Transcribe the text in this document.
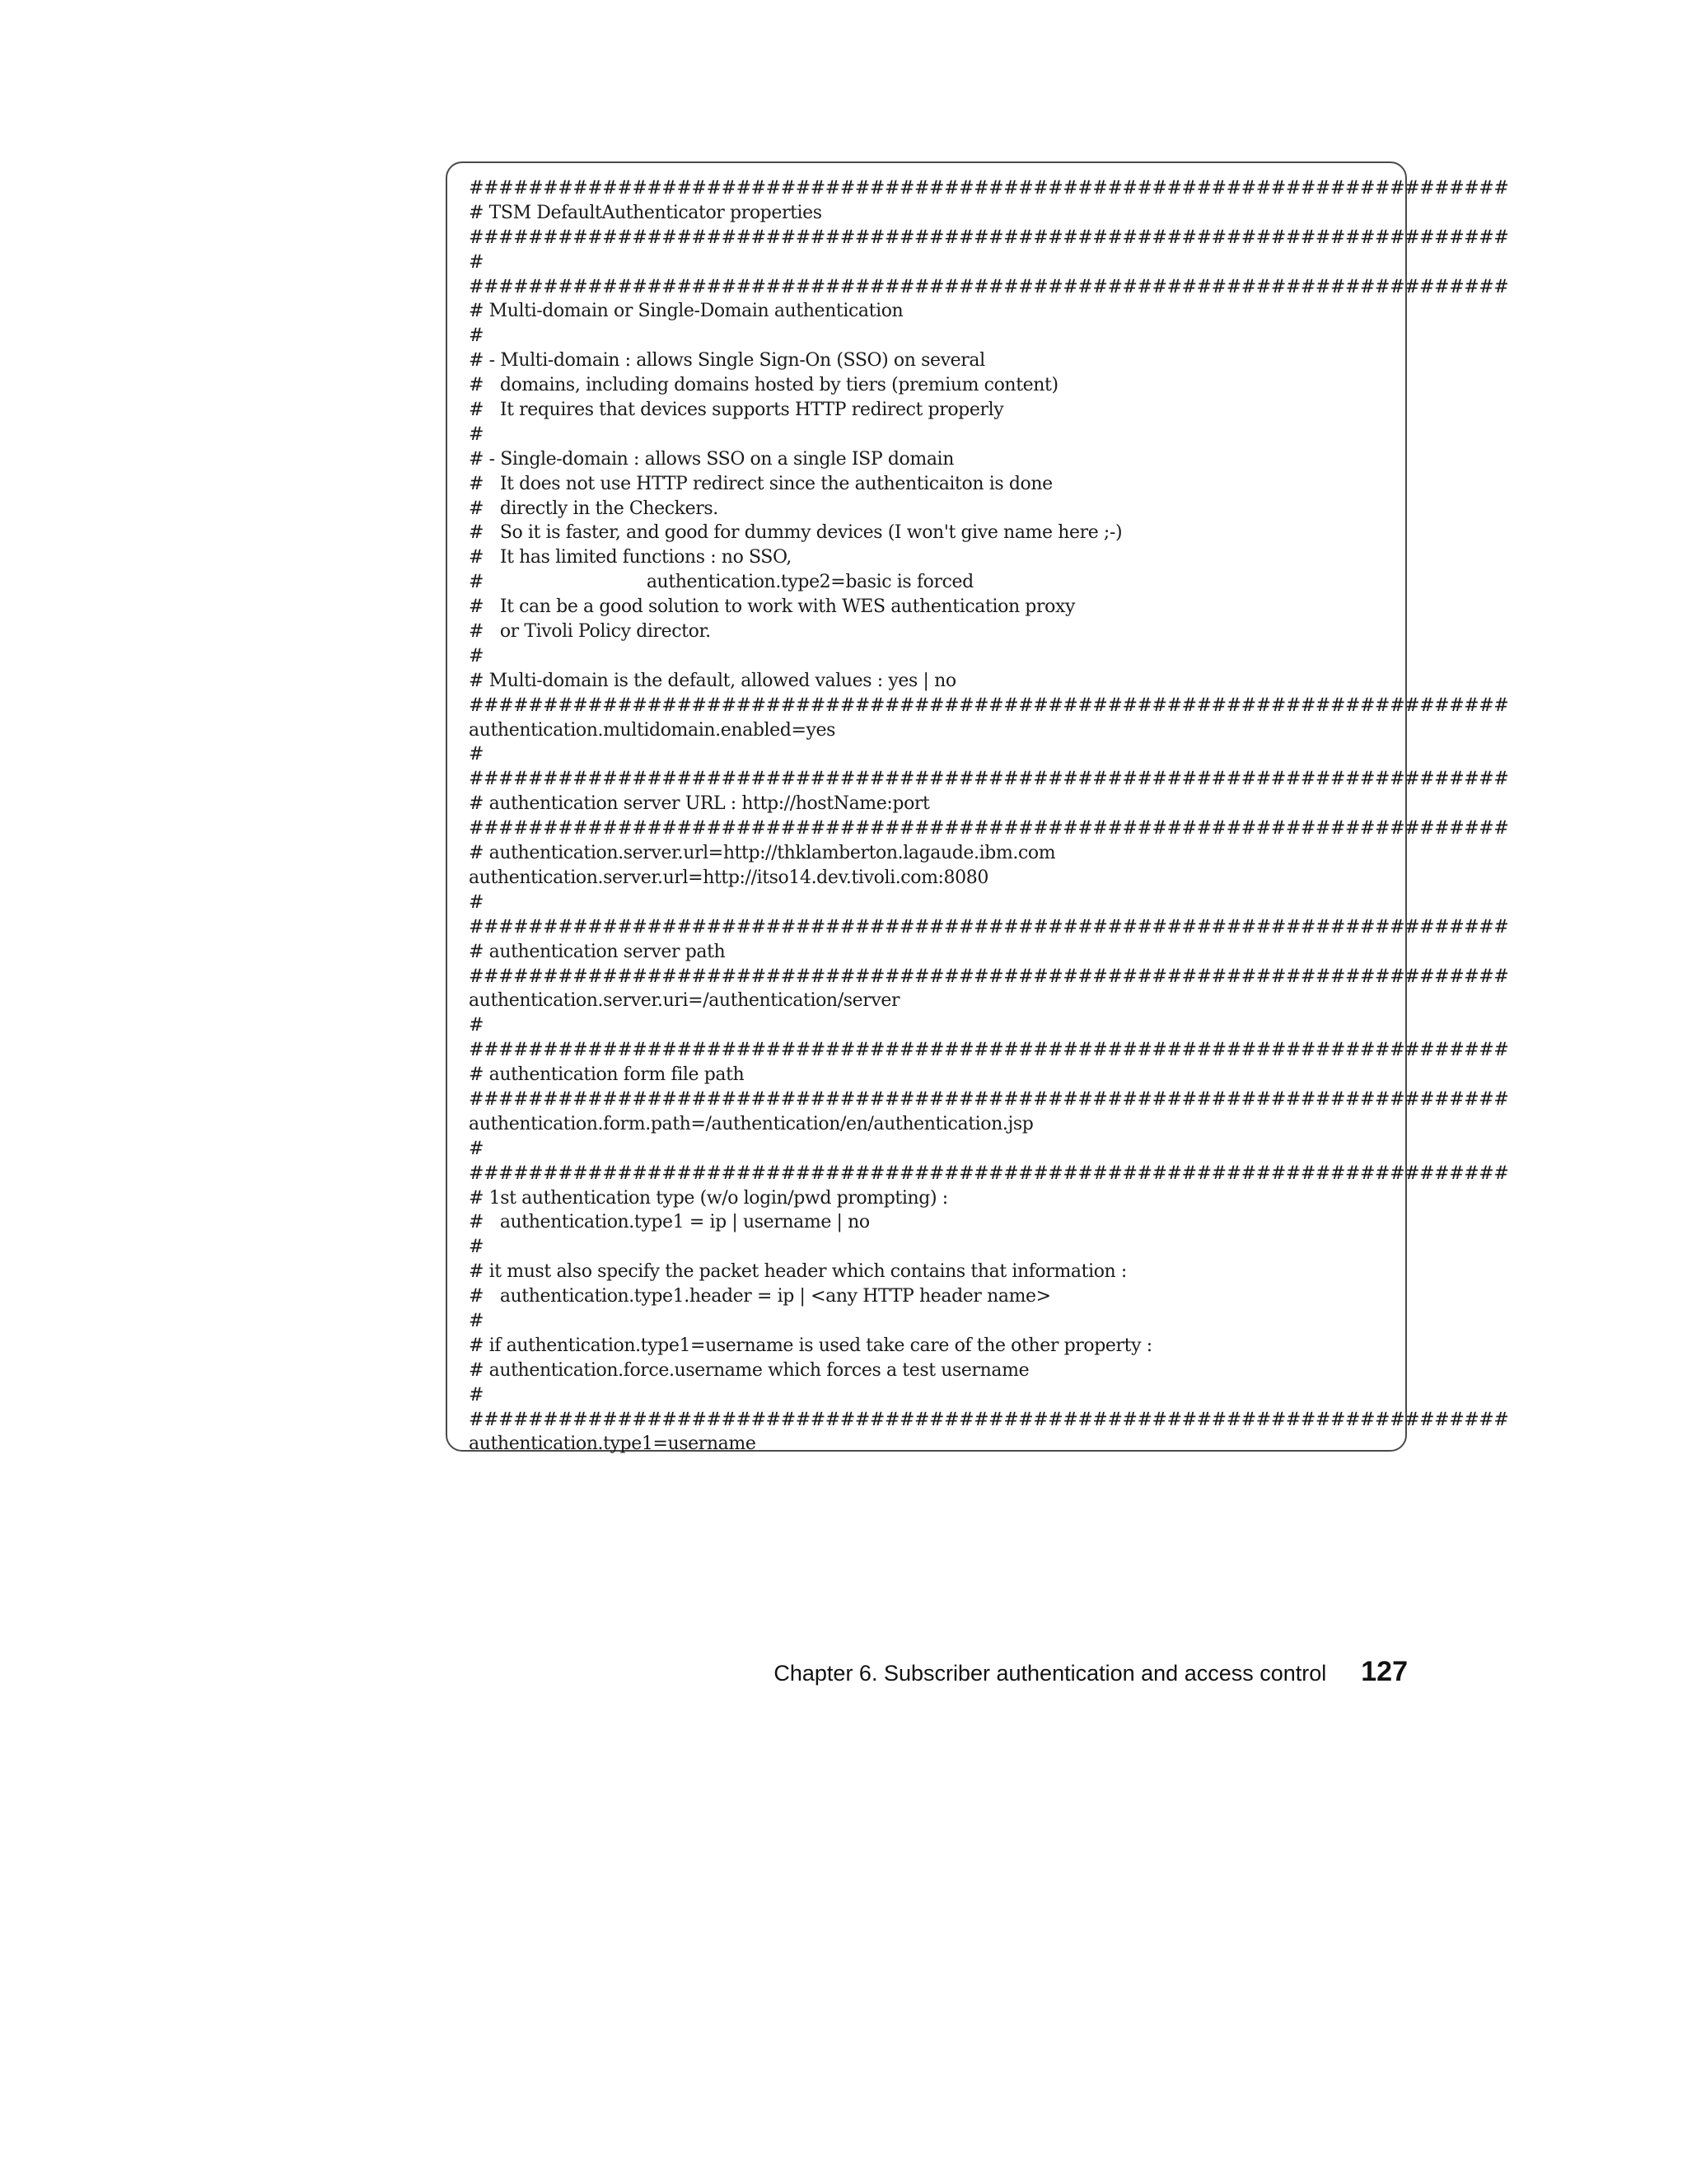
######################################################################
# TSM DefaultAuthenticator properties
######################################################################
#
######################################################################
# Multi-domain or Single-Domain authentication
#
# - Multi-domain : allows Single Sign-On (SSO) on several
#   domains, including domains hosted by tiers (premium content)
#   It requires that devices supports HTTP redirect properly
#
# - Single-domain : allows SSO on a single ISP domain
#   It does not use HTTP redirect since the authenticaiton is done
#   directly in the Checkers.
#   So it is faster, and good for dummy devices (I won't give name here ;-)
#   It has limited functions : no SSO,
#                              authentication.type2=basic is forced
#   It can be a good solution to work with WES authentication proxy
#   or Tivoli Policy director.
#
# Multi-domain is the default, allowed values : yes | no
######################################################################
authentication.multidomain.enabled=yes
#
######################################################################
# authentication server URL : http://hostName:port
######################################################################
# authentication.server.url=http://thklamberton.lagaude.ibm.com
authentication.server.url=http://itso14.dev.tivoli.com:8080
#
######################################################################
# authentication server path
######################################################################
authentication.server.uri=/authentication/server
#
######################################################################
# authentication form file path
######################################################################
authentication.form.path=/authentication/en/authentication.jsp
#
######################################################################
# 1st authentication type (w/o login/pwd prompting) :
#   authentication.type1 = ip | username | no
#
# it must also specify the packet header which contains that information :
#   authentication.type1.header = ip | <any HTTP header name>
#
# if authentication.type1=username is used take care of the other property :
# authentication.force.username which forces a test username
#
######################################################################
authentication.type1=username
Chapter 6. Subscriber authentication and access control 127
